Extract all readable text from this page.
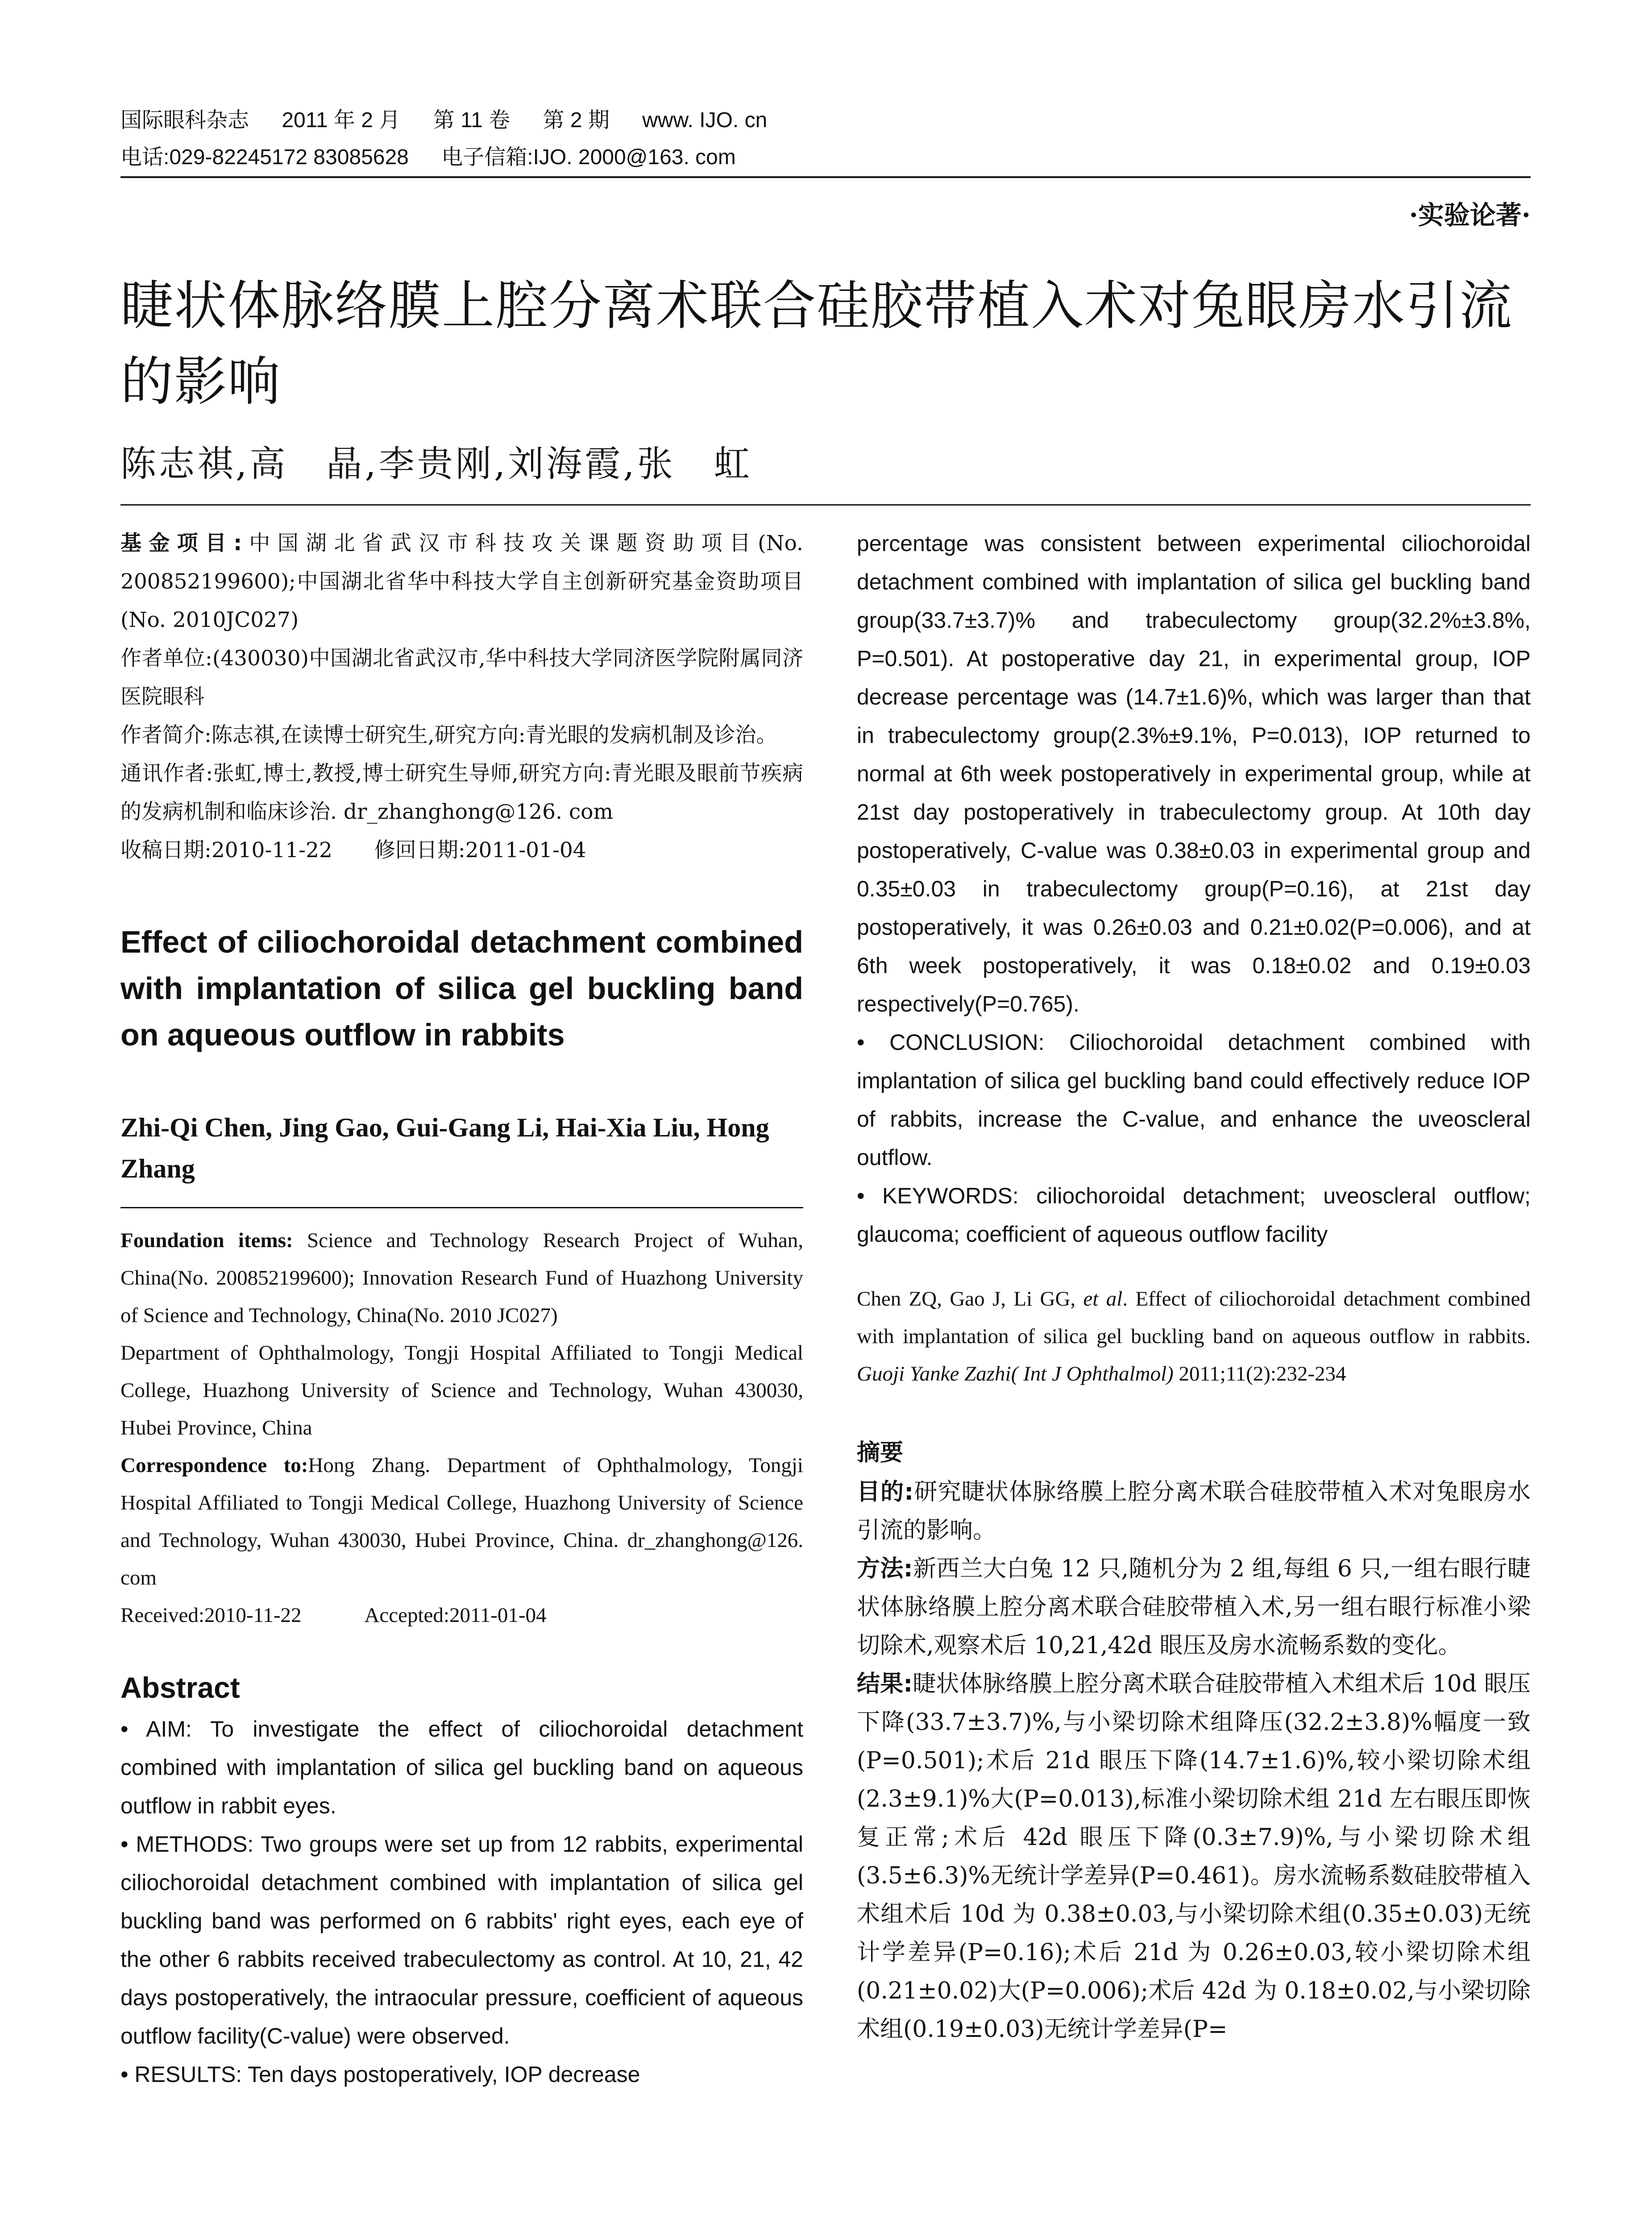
国际眼科杂志 2011 年 2 月 第 11 卷 第 2 期 www. IJO. cn
电话:029-82245172 83085628 电子信箱:IJO. 2000@163. com
·实验论著·
睫状体脉络膜上腔分离术联合硅胶带植入术对兔眼房水引流的影响
陈志祺,高　晶,李贵刚,刘海霞,张　虹

基金项目:中国湖北省武汉市科技攻关课题资助项目(No. 200852199600);中国湖北省华中科技大学自主创新研究基金资助项目(No. 2010JC027)

作者单位:(430030)中国湖北省武汉市,华中科技大学同济医学院附属同济医院眼科

作者简介:陈志祺,在读博士研究生,研究方向:青光眼的发病机制及诊治。

通讯作者:张虹,博士,教授,博士研究生导师,研究方向:青光眼及眼前节疾病的发病机制和临床诊治. dr_zhanghong@126. com

收稿日期:2010-11-22　　修回日期:2011-01-04

Effect of ciliochoroidal detachment combined with implantation of silica gel buckling band on aqueous outflow in rabbits

Zhi-Qi Chen, Jing Gao, Gui-Gang Li, Hai-Xia Liu, Hong Zhang

Foundation items: Science and Technology Research Project of Wuhan, China(No. 200852199600); Innovation Research Fund of Huazhong University of Science and Technology, China(No. 2010 JC027)

Department of Ophthalmology, Tongji Hospital Affiliated to Tongji Medical College, Huazhong University of Science and Technology, Wuhan 430030, Hubei Province, China

Correspondence to:Hong Zhang. Department of Ophthalmology, Tongji Hospital Affiliated to Tongji Medical College, Huazhong University of Science and Technology, Wuhan 430030, Hubei Province, China. dr_zhanghong@126. com

Received:2010-11-22　　　Accepted:2011-01-04

Abstract

• AIM: To investigate the effect of ciliochoroidal detachment combined with implantation of silica gel buckling band on aqueous outflow in rabbit eyes.

• METHODS: Two groups were set up from 12 rabbits, experimental ciliochoroidal detachment combined with implantation of silica gel buckling band was performed on 6 rabbits' right eyes, each eye of the other 6 rabbits received trabeculectomy as control. At 10, 21, 42 days postoperatively, the intraocular pressure, coefficient of aqueous outflow facility(C-value) were observed.

• RESULTS: Ten days postoperatively, IOP decrease

percentage was consistent between experimental ciliochoroidal detachment combined with implantation of silica gel buckling band group(33.7±3.7)% and trabeculectomy group(32.2%±3.8%, P=0.501). At postoperative day 21, in experimental group, IOP decrease percentage was (14.7±1.6)%, which was larger than that in trabeculectomy group(2.3%±9.1%, P=0.013), IOP returned to normal at 6th week postoperatively in experimental group, while at 21st day postoperatively in trabeculectomy group. At 10th day postoperatively, C-value was 0.38±0.03 in experimental group and 0.35±0.03 in trabeculectomy group(P=0.16), at 21st day postoperatively, it was 0.26±0.03 and 0.21±0.02(P=0.006), and at 6th week postoperatively, it was 0.18±0.02 and 0.19±0.03 respectively(P=0.765).

• CONCLUSION: Ciliochoroidal detachment combined with implantation of silica gel buckling band could effectively reduce IOP of rabbits, increase the C-value, and enhance the uveoscleral outflow.

• KEYWORDS: ciliochoroidal detachment; uveoscleral outflow; glaucoma; coefficient of aqueous outflow facility

Chen ZQ, Gao J, Li GG, et al. Effect of ciliochoroidal detachment combined with implantation of silica gel buckling band on aqueous outflow in rabbits. Guoji Yanke Zazhi( Int J Ophthalmol) 2011;11(2):232-234

摘要

目的:研究睫状体脉络膜上腔分离术联合硅胶带植入术对兔眼房水引流的影响。

方法:新西兰大白兔 12 只,随机分为 2 组,每组 6 只,一组右眼行睫状体脉络膜上腔分离术联合硅胶带植入术,另一组右眼行标准小梁切除术,观察术后 10,21,42d 眼压及房水流畅系数的变化。

结果:睫状体脉络膜上腔分离术联合硅胶带植入术组术后 10d 眼压下降(33.7±3.7)%,与小梁切除术组降压(32.2±3.8)%幅度一致(P=0.501);术后 21d 眼压下降(14.7±1.6)%,较小梁切除术组(2.3±9.1)%大(P=0.013),标准小梁切除术组 21d 左右眼压即恢复正常;术后 42d 眼压下降(0.3±7.9)%,与小梁切除术组(3.5±6.3)%无统计学差异(P=0.461)。房水流畅系数硅胶带植入术组术后 10d 为 0.38±0.03,与小梁切除术组(0.35±0.03)无统计学差异(P=0.16);术后 21d 为 0.26±0.03,较小梁切除术组(0.21±0.02)大(P=0.006);术后 42d 为 0.18±0.02,与小梁切除术组(0.19±0.03)无统计学差异(P=
